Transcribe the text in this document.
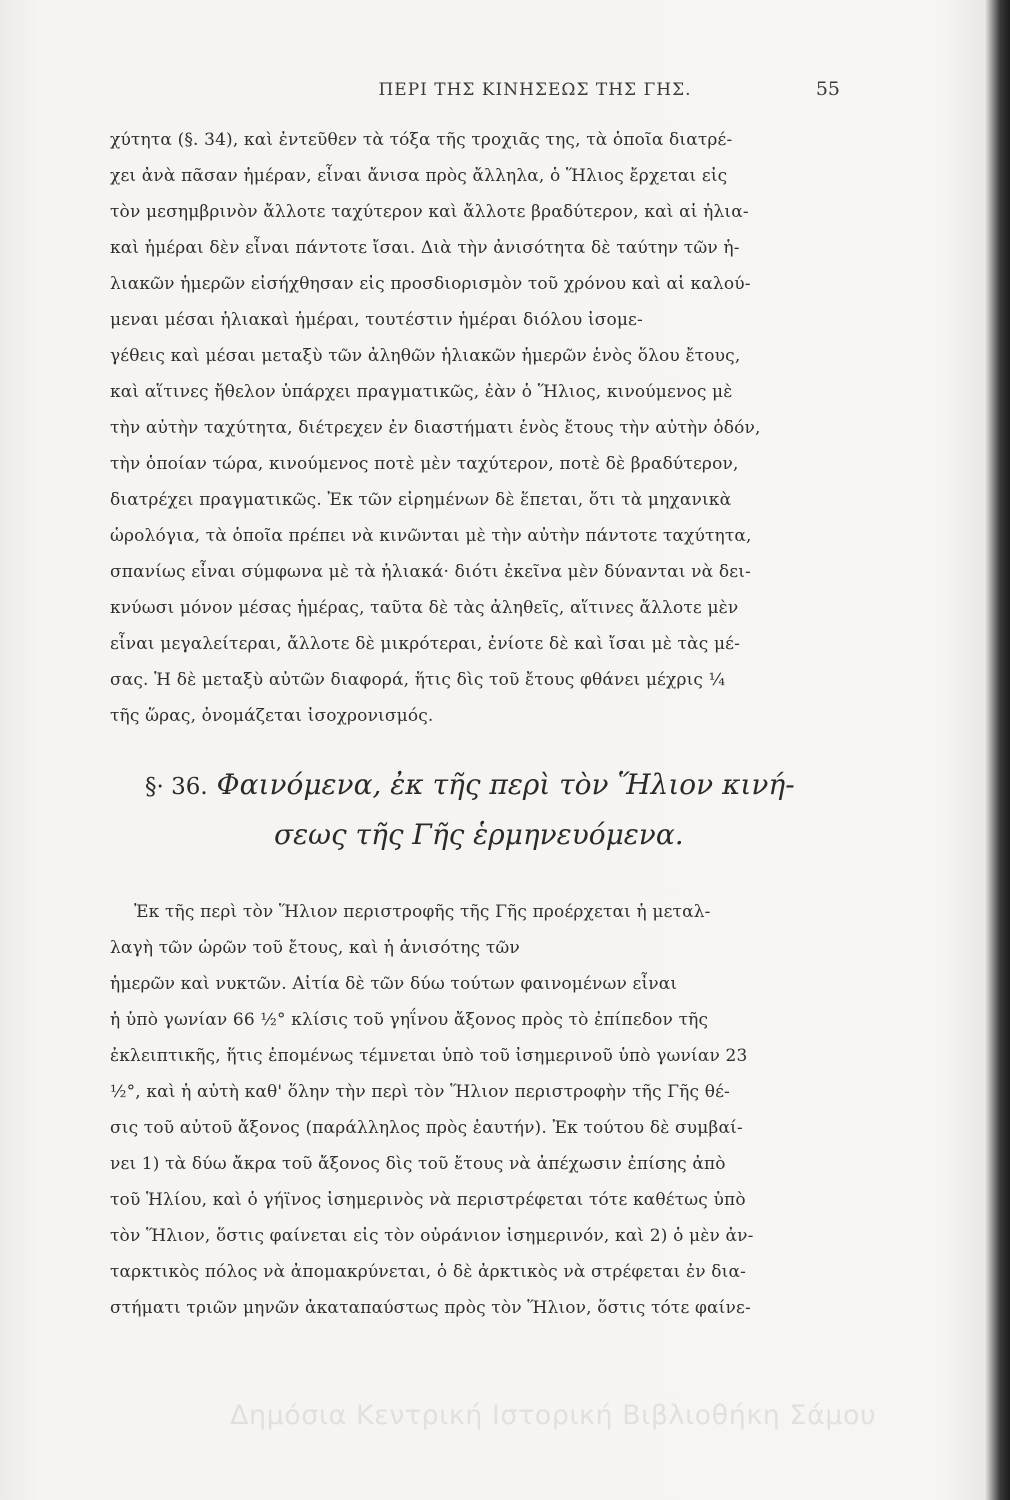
ΠΕΡΙ ΤΗΣ ΚΙΝΗΣΕΩΣ ΤΗΣ ΓΗΣ.	55
χύτητα (§. 34), καὶ ἐντεῦθεν τὰ τόξα τῆς τροχιᾶς της, τὰ ὁποῖα διατρέ-
χει ἀνὰ πᾶσαν ἡμέραν, εἶναι ἄνισα πρὸς ἄλληλα, ὁ Ἥλιος ἔρχεται εἰς
τὸν μεσημβρινὸν ἄλλοτε ταχύτερον καὶ ἄλλοτε βραδύτερον, καὶ αἱ ἡλια-
καὶ ἡμέραι δὲν εἶναι πάντοτε ἴσαι. Διὰ τὴν ἀνισότητα δὲ ταύτην τῶν ἡ-
λιακῶν ἡμερῶν εἰσήχθησαν εἰς προσδιορισμὸν τοῦ χρόνου καὶ αἱ καλού-
μεναι μέσαι ἡλιακαὶ ἡμέραι, τουτέστιν ἡμέραι διόλου ἰσομε-
γέθεις καὶ μέσαι μεταξὺ τῶν ἀληθῶν ἡλιακῶν ἡμερῶν ἑνὸς ὅλου ἔτους,
καὶ αἵτινες ἤθελον ὑπάρχει πραγματικῶς, ἐὰν ὁ Ἥλιος, κινούμενος μὲ
τὴν αὐτὴν ταχύτητα, διέτρεχεν ἐν διαστήματι ἑνὸς ἔτους τὴν αὐτὴν ὁδόν,
τὴν ὁποίαν τώρα, κινούμενος ποτὲ μὲν ταχύτερον, ποτὲ δὲ βραδύτερον,
διατρέχει πραγματικῶς. Ἐκ τῶν εἰρημένων δὲ ἕπεται, ὅτι τὰ μηχανικὰ
ὡρολόγια, τὰ ὁποῖα πρέπει νὰ κινῶνται μὲ τὴν αὐτὴν πάντοτε ταχύτητα,
σπανίως εἶναι σύμφωνα μὲ τὰ ἡλιακά· διότι ἐκεῖνα μὲν δύνανται νὰ δει-
κνύωσι μόνον μέσας ἡμέρας, ταῦτα δὲ τὰς ἀληθεῖς, αἵτινες ἄλλοτε μὲν
εἶναι μεγαλείτεραι, ἄλλοτε δὲ μικρότεραι, ἐνίοτε δὲ καὶ ἴσαι μὲ τὰς μέ-
σας. Ἡ δὲ μεταξὺ αὐτῶν διαφορά, ἥτις δὶς τοῦ ἔτους φθάνει μέχρις ¼
τῆς ὥρας, ὀνομάζεται ἰσοχρονισμός.
§· 36. Φαινόμενα, ἐκ τῆς περὶ τὸν Ἥλιον κινή-
σεως τῆς Γῆς ἑρμηνευόμενα.
Ἐκ τῆς περὶ τὸν Ἥλιον περιστροφῆς τῆς Γῆς προέρχεται ἡ μεταλ-
λαγὴ τῶν ὡρῶν τοῦ ἔτους, καὶ ἡ ἀνισότης τῶν
ἡμερῶν καὶ νυκτῶν. Αἰτία δὲ τῶν δύω τούτων φαινομένων εἶναι
ἡ ὑπὸ γωνίαν 66 ½° κλίσις τοῦ γηΐνου ἄξονος πρὸς τὸ ἐπίπεδον τῆς
ἐκλειπτικῆς, ἥτις ἑπομένως τέμνεται ὑπὸ τοῦ ἰσημερινοῦ ὑπὸ γωνίαν 23
½°, καὶ ἡ αὐτὴ καθ' ὅλην τὴν περὶ τὸν Ἥλιον περιστροφὴν τῆς Γῆς θέ-
σις τοῦ αὐτοῦ ἄξονος (παράλληλος πρὸς ἑαυτήν). Ἐκ τούτου δὲ συμβαί-
νει 1) τὰ δύω ἄκρα τοῦ ἄξονος δὶς τοῦ ἔτους νὰ ἀπέχωσιν ἐπίσης ἀπὸ
τοῦ Ἡλίου, καὶ ὁ γήϊνος ἰσημερινὸς νὰ περιστρέφεται τότε καθέτως ὑπὸ
τὸν Ἥλιον, ὅστις φαίνεται εἰς τὸν οὐράνιον ἰσημερινόν, καὶ 2) ὁ μὲν ἀν-
ταρκτικὸς πόλος νὰ ἀπομακρύνεται, ὁ δὲ ἀρκτικὸς νὰ στρέφεται ἐν δια-
στήματι τριῶν μηνῶν ἀκαταπαύστως πρὸς τὸν Ἥλιον, ὅστις τότε φαίνε-
Δημόσια Κεντρική Ιστορική Βιβλιοθήκη Σάμου
